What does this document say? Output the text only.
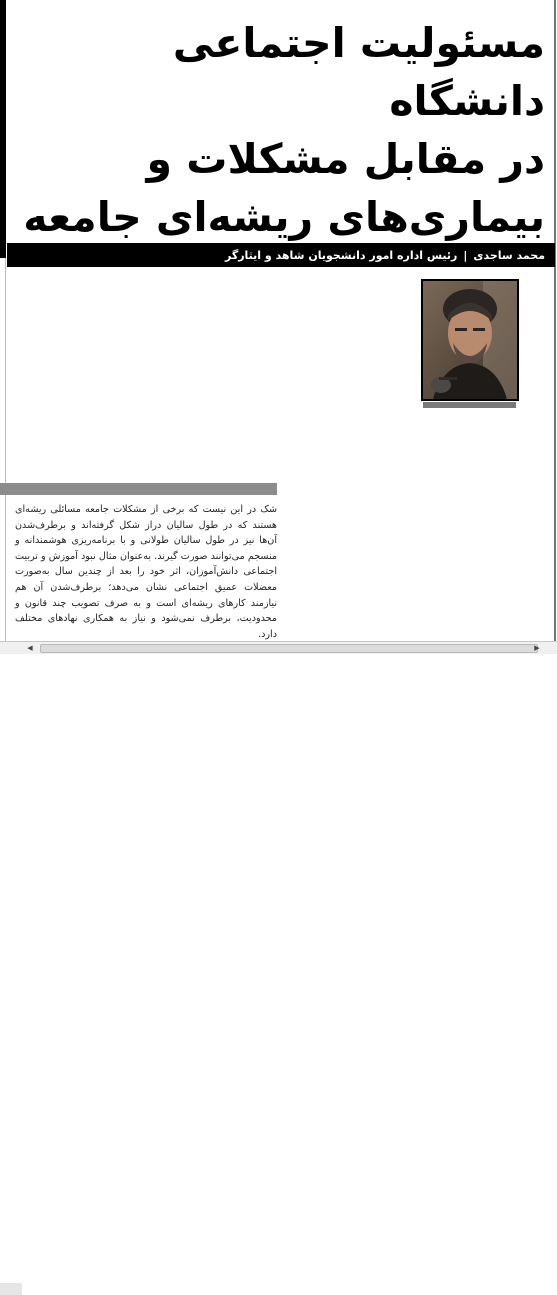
مسئولیت اجتماعی دانشگاه
در مقابل مشکلات و
بیماری‌های ریشه‌ای جامعه
محمد ساجدی
|
رئیس اداره امور دانشجویان شاهد و ایثارگر
شک در این نیست که برخی از مشکلات جامعه مسائلی ریشه‌ای هستند که در طول سالیان دراز شکل گرفته‌اند و برطرف‌شدن آن‌ها نیز در طول سالیان طولانی و با برنامه‌ریزی هوشمندانه و منسجم می‌توانند صورت گیرند. به‌عنوان مثال نبود آموزش و تربیت اجتماعی دانش‌آموزان، اثر خود را بعد از چندین سال به‌صورت معضلات عمیق اجتماعی نشان می‌دهد؛ برطرف‌شدن آن هم نیازمند کارهای ریشه‌ای است و به صرف تصویب چند قانون و محدودیت، برطرف نمی‌شود و نیاز به همکاری نهادهای مختلف دارد.
◀	▶
